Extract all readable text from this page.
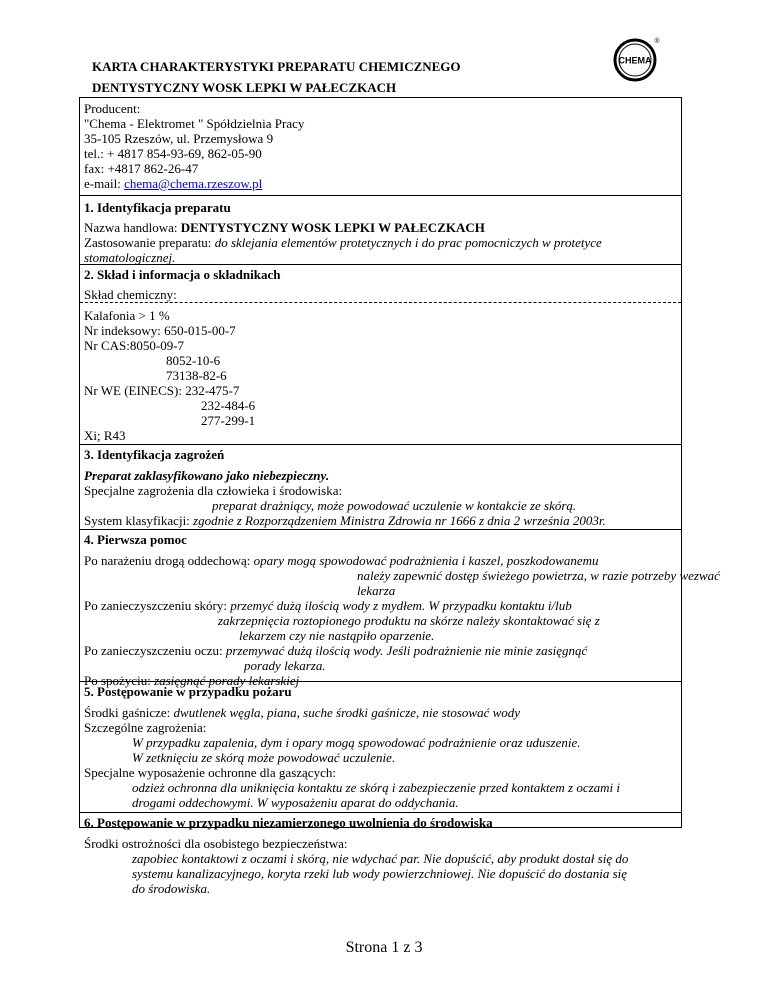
KARTA CHARAKTERYSTYKI PREPARATU CHEMICZNEGO
DENTYSTYCZNY WOSK LEPKI W PAŁECZKACH
CHEMA
®
Producent:
"Chema - Elektromet " Spółdzielnia Pracy
35-105 Rzeszów, ul. Przemysłowa 9
tel.: + 4817 854-93-69, 862-05-90
fax: +4817 862-26-47
e-mail: chema@chema.rzeszow.pl
1. Identyfikacja preparatu
Nazwa handlowa: DENTYSTYCZNY WOSK LEPKI W PAŁECZKACH
Zastosowanie preparatu: do sklejania elementów protetycznych i do prac pomocniczych w protetyce
stomatologicznej.
2. Skład i informacja o składnikach
Skład chemiczny:
Kalafonia > 1 %
Nr indeksowy: 650-015-00-7
Nr CAS:8050-09-7
8052-10-6
73138-82-6
Nr WE (EINECS): 232-475-7
232-484-6
277-299-1
Xi; R43
3. Identyfikacja zagrożeń
Preparat zaklasyfikowano jako niebezpieczny.
Specjalne zagrożenia dla człowieka i środowiska:
preparat drażniący, może powodować uczulenie w kontakcie ze skórą.
System klasyfikacji: zgodnie z Rozporządzeniem Ministra Zdrowia nr 1666 z dnia 2 września 2003r.
4. Pierwsza pomoc
Po narażeniu drogą oddechową: opary mogą spowodować podrażnienia i kaszel, poszkodowanemu
należy zapewnić dostęp świeżego powietrza, w razie potrzeby wezwać
lekarza
Po zanieczyszczeniu skóry: przemyć dużą ilością wody z mydłem. W przypadku kontaktu i/lub
zakrzepnięcia roztopionego produktu na skórze należy skontaktować się z
lekarzem czy nie nastąpiło oparzenie.
Po zanieczyszczeniu oczu: przemywać dużą ilością wody. Jeśli podrażnienie nie minie zasięgnąć
porady lekarza.
Po spożyciu: zasięgnąć porady lekarskiej
5. Postępowanie w przypadku pożaru
Środki gaśnicze: dwutlenek węgla, piana, suche środki gaśnicze, nie stosować wody
Szczególne zagrożenia:
W przypadku zapalenia, dym i opary mogą spowodować podrażnienie oraz uduszenie.
W zetknięciu ze skórą może powodować uczulenie.
Specjalne wyposażenie ochronne dla gaszących:
odzież ochronna dla uniknięcia kontaktu ze skórą i zabezpieczenie przed kontaktem z oczami i
drogami oddechowymi. W wyposażeniu aparat do oddychania.
6. Postępowanie w przypadku niezamierzonego uwolnienia do środowiska
Środki ostrożności dla osobistego bezpieczeństwa:
zapobiec kontaktowi z oczami i skórą, nie wdychać par. Nie dopuścić, aby produkt dostał się do
systemu kanalizacyjnego, koryta rzeki lub wody powierzchniowej. Nie dopuścić do dostania się
do środowiska.
Strona 1 z 3
